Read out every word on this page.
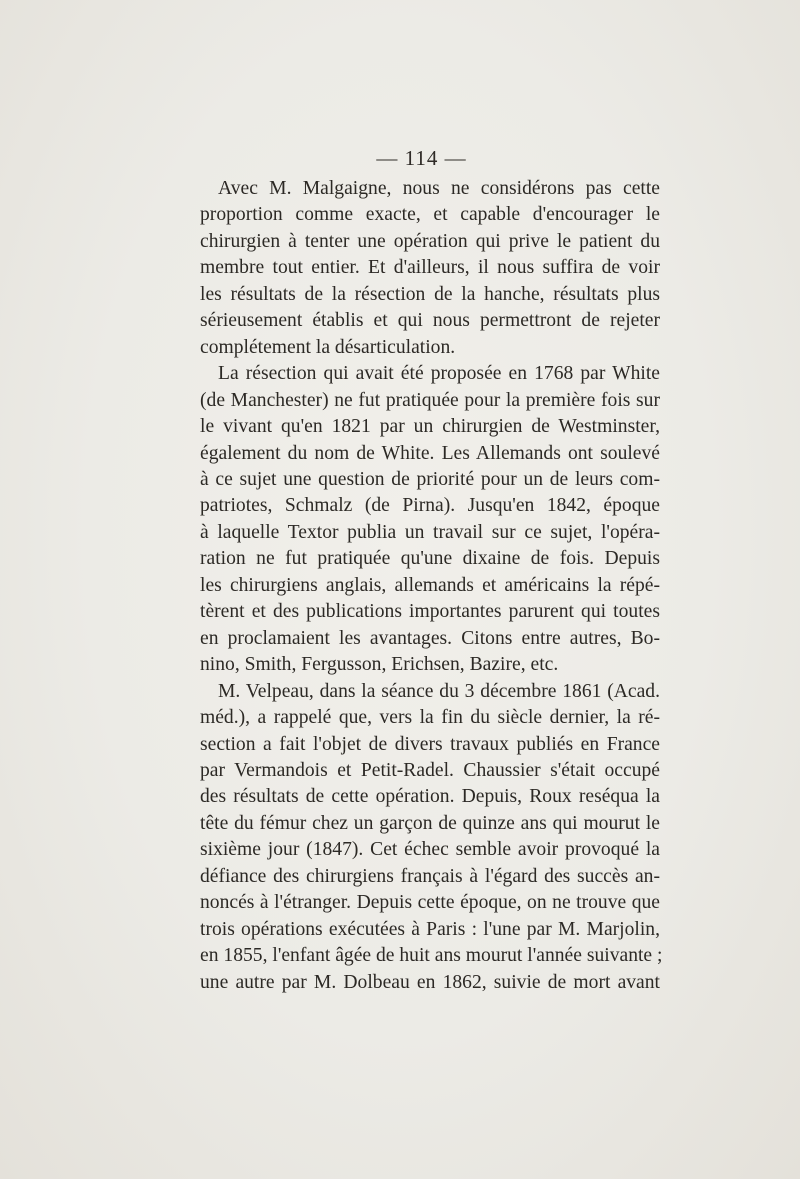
— 114 —
Avec M. Malgaigne, nous ne considérons pas cette
proportion comme exacte, et capable d'encourager le
chirurgien à tenter une opération qui prive le patient du
membre tout entier. Et d'ailleurs, il nous suffira de voir
les résultats de la résection de la hanche, résultats plus
sérieusement établis et qui nous permettront de rejeter
complétement la désarticulation.
La résection qui avait été proposée en 1768 par White
(de Manchester) ne fut pratiquée pour la première fois sur
le vivant qu'en 1821 par un chirurgien de Westminster,
également du nom de White. Les Allemands ont soulevé
à ce sujet une question de priorité pour un de leurs com-
patriotes, Schmalz (de Pirna). Jusqu'en 1842, époque
à laquelle Textor publia un travail sur ce sujet, l'opéra-
ration ne fut pratiquée qu'une dixaine de fois. Depuis
les chirurgiens anglais, allemands et américains la répé-
tèrent et des publications importantes parurent qui toutes
en proclamaient les avantages. Citons entre autres, Bo-
nino, Smith, Fergusson, Erichsen, Bazire, etc.
M. Velpeau, dans la séance du 3 décembre 1861 (Acad.
méd.), a rappelé que, vers la fin du siècle dernier, la ré-
section a fait l'objet de divers travaux publiés en France
par Vermandois et Petit-Radel. Chaussier s'était occupé
des résultats de cette opération. Depuis, Roux reséqua la
tête du fémur chez un garçon de quinze ans qui mourut le
sixième jour (1847). Cet échec semble avoir provoqué la
défiance des chirurgiens français à l'égard des succès an-
noncés à l'étranger. Depuis cette époque, on ne trouve que
trois opérations exécutées à Paris : l'une par M. Marjolin,
en 1855, l'enfant âgée de huit ans mourut l'année suivante ;
une autre par M. Dolbeau en 1862, suivie de mort avant
